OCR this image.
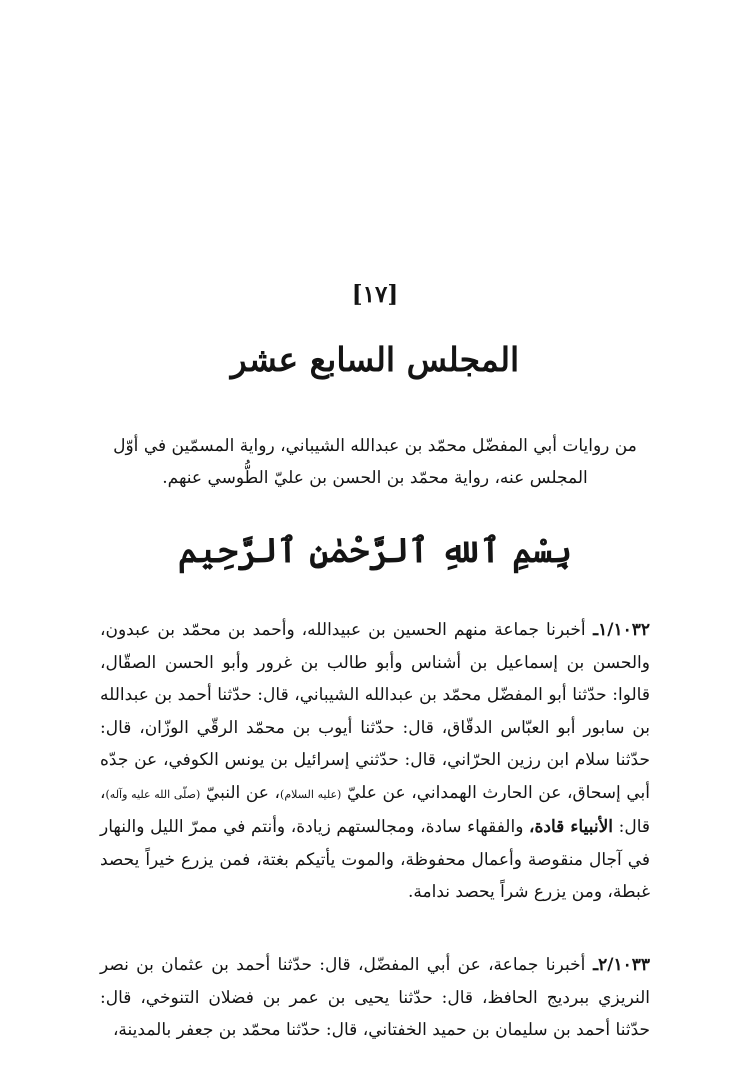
[١٧]
المجلس السابع عشر
من روايات أبي المفضّل محمّد بن عبدالله الشيباني، رواية المسمّين في أوّل المجلس عنه، رواية محمّد بن الحسن بن عليّ الطُّوسي عنهم.
بِسْمِ ٱللهِ ٱلرَّحْمٰنِ ٱلرَّحِيم

١/١٠٣٢ـ أخبرنا جماعة منهم الحسين بن عبيدالله، وأحمد بن محمّد بن عبدون، والحسن بن إسماعيل بن أشناس وأبو طالب بن غرور وأبو الحسن الصقّال، قالوا: حدّثنا أبو المفضّل محمّد بن عبدالله الشيباني، قال: حدّثنا أحمد بن عبدالله بن سابور أبو العبّاس الدقّاق، قال: حدّثنا أيوب بن محمّد الرقّي الوزّان، قال: حدّثنا سلام ابن رزين الحرّاني، قال: حدّثني إسرائيل بن يونس الكوفي، عن جدّه أبي إسحاق، عن الحارث الهمداني، عن عليّ (عليه السلام)، عن النبيّ (صلّى الله عليه وآله)، قال: الأنبياء قادة، والفقهاء سادة، ومجالستهم زيادة، وأنتم في ممرّ الليل والنهار في آجال منقوصة وأعمال محفوظة، والموت يأتيكم بغتة، فمن يزرع خيراً يحصد غبطة، ومن يزرع شراً يحصد ندامة.

٢/١٠٣٣ـ أخبرنا جماعة، عن أبي المفضّل، قال: حدّثنا أحمد بن عثمان بن نصر النريزي ببرديج الحافظ، قال: حدّثنا يحيى بن عمر بن فضلان التنوخي، قال: حدّثنا أحمد بن سليمان بن حميد الخفتاني، قال: حدّثنا محمّد بن جعفر بالمدينة،
